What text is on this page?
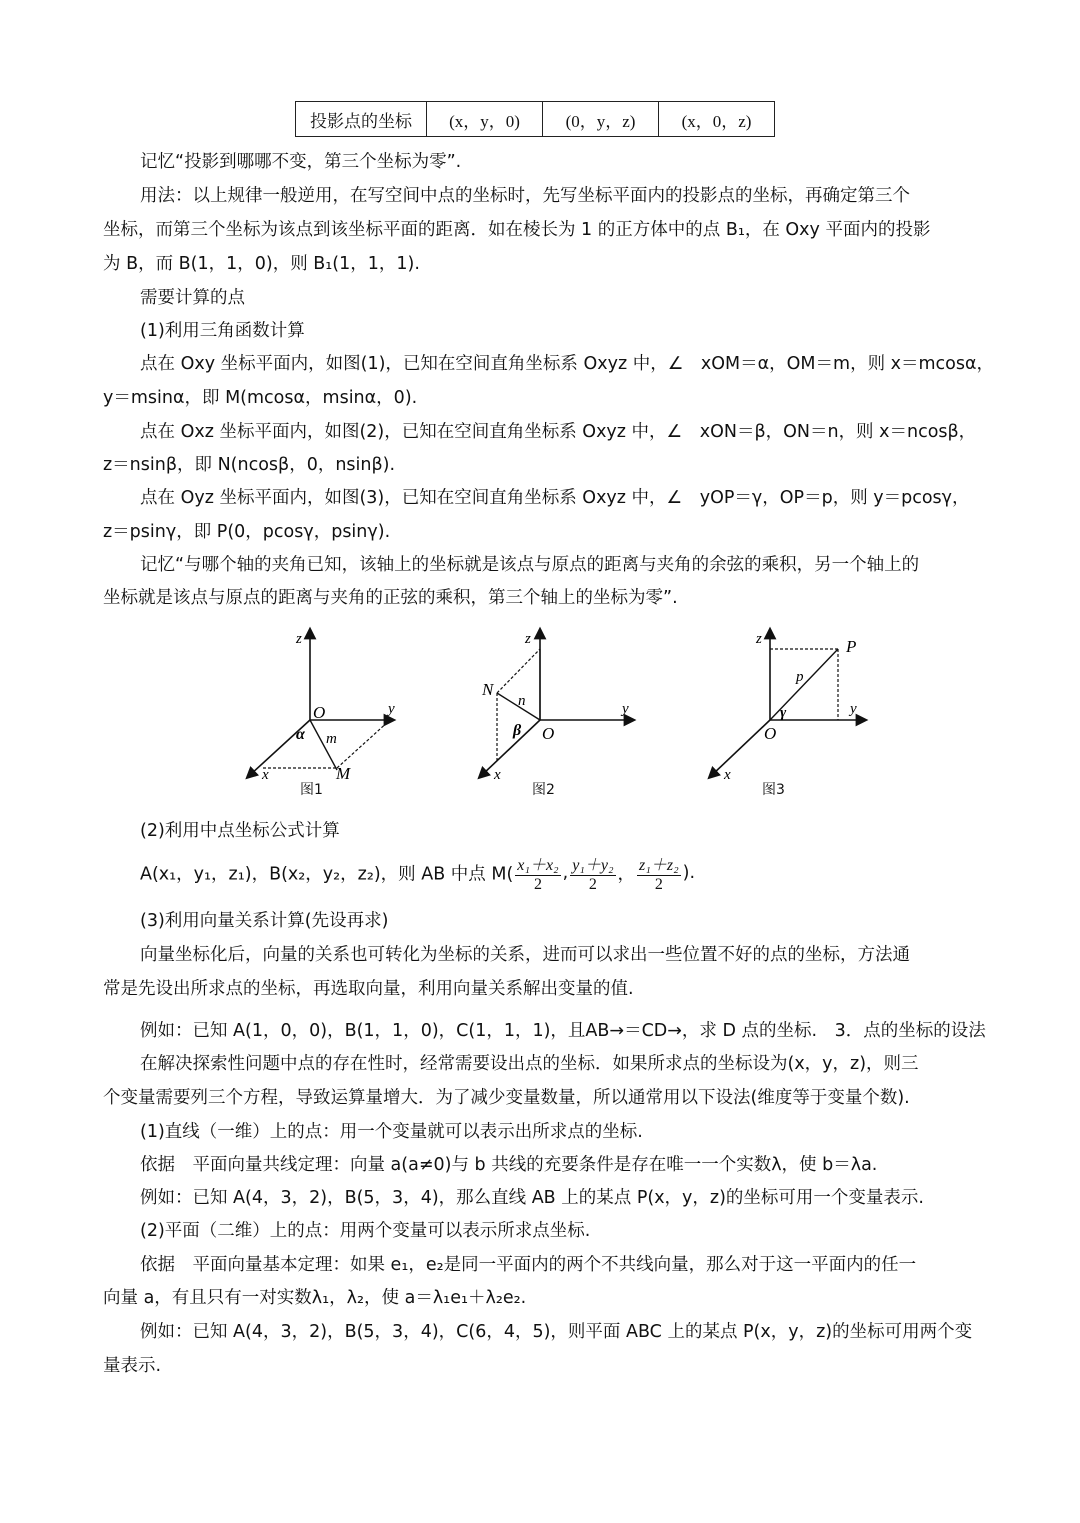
投影点的坐标	(x，y，0)	(0，y，z)	(x，0，z)
记忆“投影到哪哪不变，第三个坐标为零”.
用法：以上规律一般逆用，在写空间中点的坐标时，先写坐标平面内的投影点的坐标，再确定第三个
坐标，而第三个坐标为该点到该坐标平面的距离．如在棱长为 1 的正方体中的点 B₁，在 Oxy 平面内的投影
为 B，而 B(1，1，0)，则 B₁(1，1，1).
需要计算的点
(1)利用三角函数计算
点在 Oxy 坐标平面内，如图(1)，已知在空间直角坐标系 Oxyz 中，∠　xOM＝α，OM＝m，则 x＝mcosα，
y＝msinα，即 M(mcosα，msinα，0).
点在 Oxz 坐标平面内，如图(2)，已知在空间直角坐标系 Oxyz 中，∠　xON＝β，ON＝n，则 x＝ncosβ，
z＝nsinβ，即 N(ncosβ，0，nsinβ).
点在 Oyz 坐标平面内，如图(3)，已知在空间直角坐标系 Oxyz 中，∠　yOP＝γ，OP＝p，则 y＝pcosγ，
z＝psinγ，即 P(0，pcosγ，psinγ).
记忆“与哪个轴的夹角已知，该轴上的坐标就是该点与原点的距离与夹角的余弦的乘积，另一个轴上的
坐标就是该点与原点的距离与夹角的正弦的乘积，第三个轴上的坐标为零”.
z
y
x
O
M
α m
图1
z
y
x
O
N
β
n
图2
z
y
x
O
P
γ
p
图3
(2)利用中点坐标公式计算
A(x₁，y₁，z₁)，B(x₂，y₂，z₂)，则 AB 中点 $M( \frac{\text{x₁＋x₂}}{2}$ , $\frac{\text{y₁＋y₂}}{2}$ ， $\frac{\text{z₁＋z₂}}{2}$ ).
(3)利用向量关系计算(先设再求)
向量坐标化后，向量的关系也可转化为坐标的关系，进而可以求出一些位置不好的点的坐标，方法通
常是先设出所求点的坐标，再选取向量，利用向量关系解出变量的值.
例如：已知 A(1，0，0)，B(1，1，0)，C(1，1，1)，且AB→＝CD→，求 D 点的坐标.　3．点的坐标的设法
在解决探索性问题中点的存在性时，经常需要设出点的坐标．如果所求点的坐标设为(x，y，z)，则三
个变量需要列三个方程，导致运算量增大．为了减少变量数量，所以通常用以下设法(维度等于变量个数).
(1)直线（一维）上的点：用一个变量就可以表示出所求点的坐标.
依据　平面向量共线定理：向量 a(a≠0)与 b 共线的充要条件是存在唯一一个实数λ，使 b＝λa.
例如：已知 A(4，3，2)，B(5，3，4)，那么直线 AB 上的某点 P(x，y，z)的坐标可用一个变量表示.
(2)平面（二维）上的点：用两个变量可以表示所求点坐标.
依据　平面向量基本定理：如果 e₁，e₂是同一平面内的两个不共线向量，那么对于这一平面内的任一
向量 a，有且只有一对实数λ₁，λ₂，使 a＝λ₁e₁＋λ₂e₂.
例如：已知 A(4，3，2)，B(5，3，4)，C(6，4，5)，则平面 ABC 上的某点 P(x，y，z)的坐标可用两个变
量表示.
